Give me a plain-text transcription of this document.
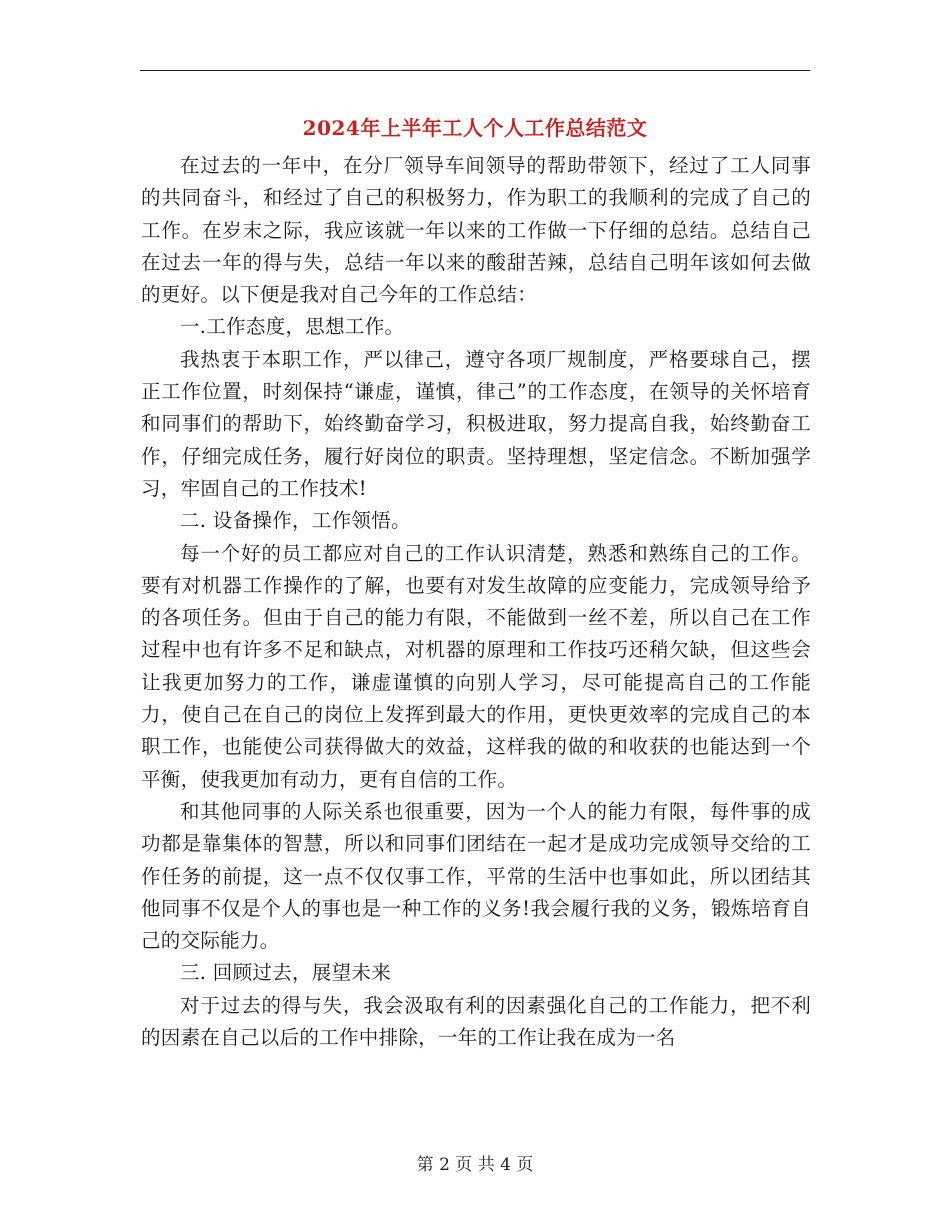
2024年上半年工人个人工作总结范文

在过去的一年中，在分厂领导车间领导的帮助带领下，经过了工人同事的共同奋斗，和经过了自己的积极努力，作为职工的我顺利的完成了自己的工作。在岁末之际，我应该就一年以来的工作做一下仔细的总结。总结自己在过去一年的得与失，总结一年以来的酸甜苦辣，总结自己明年该如何去做的更好。以下便是我对自己今年的工作总结：

一.工作态度，思想工作。

我热衷于本职工作，严以律己，遵守各项厂规制度，严格要球自己，摆正工作位置，时刻保持“谦虚，谨慎，律己”的工作态度，在领导的关怀培育和同事们的帮助下，始终勤奋学习，积极进取，努力提高自我，始终勤奋工作，仔细完成任务，履行好岗位的职责。坚持理想，坚定信念。不断加强学习，牢固自己的工作技术!

二. 设备操作，工作领悟。

每一个好的员工都应对自己的工作认识清楚，熟悉和熟练自己的工作。要有对机器工作操作的了解，也要有对发生故障的应变能力，完成领导给予的各项任务。但由于自己的能力有限，不能做到一丝不差，所以自己在工作过程中也有许多不足和缺点，对机器的原理和工作技巧还稍欠缺，但这些会让我更加努力的工作，谦虚谨慎的向别人学习，尽可能提高自己的工作能力，使自己在自己的岗位上发挥到最大的作用，更快更效率的完成自己的本职工作，也能使公司获得做大的效益，这样我的做的和收获的也能达到一个平衡，使我更加有动力，更有自信的工作。

和其他同事的人际关系也很重要，因为一个人的能力有限，每件事的成功都是靠集体的智慧，所以和同事们团结在一起才是成功完成领导交给的工作任务的前提，这一点不仅仅事工作，平常的生活中也事如此，所以团结其他同事不仅是个人的事也是一种工作的义务!我会履行我的义务，锻炼培育自己的交际能力。

三. 回顾过去，展望未来

对于过去的得与失，我会汲取有利的因素强化自己的工作能力，把不利的因素在自己以后的工作中排除，一年的工作让我在成为一名

第 2 页 共 4 页
